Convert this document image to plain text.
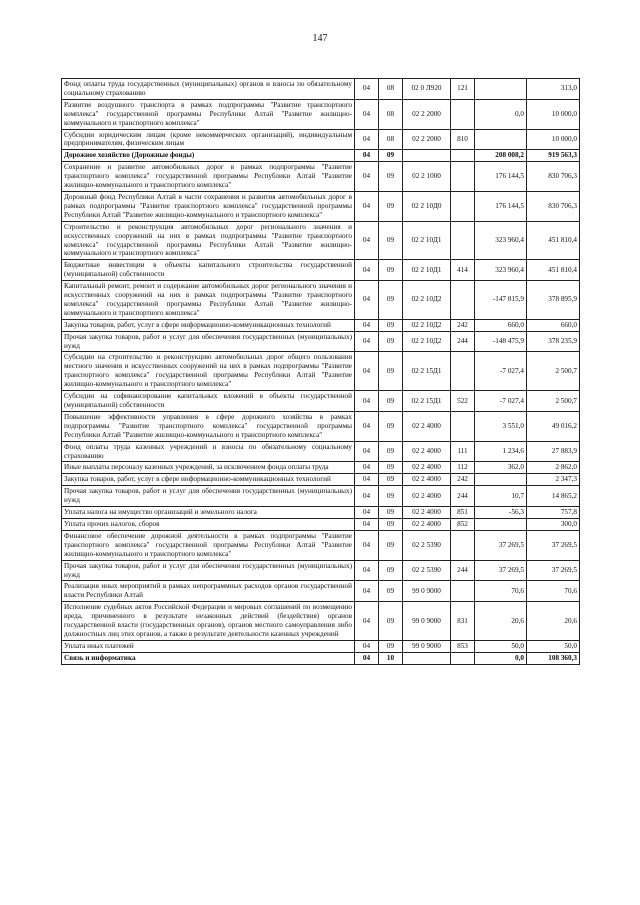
147
Фонд оплаты труда государственных (муниципальных) органов и взносы по обязательному социальному страхованию	04	08	02 0 Л920	121		313,0
Развитие воздушного транспорта в рамках подпрограммы "Развитие транспортного комплекса" государственной программы Республики Алтай "Развитие жилищно-коммунального и транспортного комплекса"	04	08	02 2 2000		0,0	10 000,0
Субсидии юридическим лицам (кроме некоммерческих организаций), индивидуальным предпринимателям, физическим лицам	04	08	02 2 2000	810		10 000,0
Дорожное хозяйство (Дорожные фонды)	04	09			208 008,2	919 563,3
Сохранение и развитие автомобильных дорог в рамках подпрограммы "Развитие транспортного комплекса" государственной программы Республики Алтай "Развитие жилищно-коммунального и транспортного комплекса"	04	09	02 2 1000		176 144,5	830 706,3
Дорожный фонд Республики Алтай в части сохранения и развития автомобильных дорог в рамках подпрограммы "Развитие транспортного комплекса" государственной программы Республики Алтай "Развитие жилищно-коммунального и транспортного комплекса"	04	09	02 2 10Д0		176 144,5	830 706,3
Строительство и реконструкция автомобильных дорог регионального значения и искусственных сооружений на них в рамках подпрограммы "Развитие транспортного комплекса" государственной программы Республики Алтай "Развитие жилищно-коммунального и транспортного комплекса"	04	09	02 2 10Д1		323 960,4	451 810,4
Бюджетные инвестиции в объекты капитального строительства государственной (муниципальной) собственности	04	09	02 2 10Д1	414	323 960,4	451 810,4
Капитальный ремонт, ремонт и содержание автомобильных дорог регионального значения и искусственных сооружений на них в рамках подпрограммы "Развитие транспортного комплекса" государственной программы Республики Алтай "Развитие жилищно-коммунального и транспортного комплекса"	04	09	02 2 10Д2		-147 815,9	378 895,9
Закупка товаров, работ, услуг в сфере информационно-коммуникационных технологий	04	09	02 2 10Д2	242	660,0	660,0
Прочая закупка товаров, работ и услуг для обеспечения государственных (муниципальных) нужд	04	09	02 2 10Д2	244	-148 475,9	378 235,9
Субсидии на строительство и реконструкцию автомобильных дорог общего пользования местного значения и искусственных сооружений на них в рамках подпрограммы "Развитие транспортного комплекса" государственной программы Республики Алтай "Развитие жилищно-коммунального и транспортного комплекса"	04	09	02 2 15Д1		-7 027,4	2 500,7
Субсидии на софинансирование капитальных вложений в объекты государственной (муниципальной) собственности	04	09	02 2 15Д1	522	-7 027,4	2 500,7
Повышение эффективности управления в сфере дорожного хозяйства в рамках подпрограммы "Развитие транспортного комплекса" государственной программы Республики Алтай "Развитие жилищно-коммунального и транспортного комплекса"	04	09	02 2 4000		3 551,0	49 016,2
Фонд оплаты труда казенных учреждений и взносы по обязательному социальному страхованию	04	09	02 2 4000	111	1 234,6	27 883,9
Иные выплаты персоналу казенных учреждений, за исключением фонда оплаты труда	04	09	02 2 4000	112	362,0	2 862,0
Закупка товаров, работ, услуг в сфере информационно-коммуникационных технологий	04	09	02 2 4000	242		2 347,3
Прочая закупка товаров, работ и услуг для обеспечения государственных (муниципальных) нужд	04	09	02 2 4000	244	10,7	14 865,2
Уплата налога на имущество организаций и земельного налога	04	09	02 2 4000	851	-56,3	757,8
Уплата прочих налогов, сборов	04	09	02 2 4000	852		300,0
Финансовое обеспечение дорожной деятельности в рамках подпрограммы "Развитие транспортного комплекса" государственной программы Республики Алтай "Развитие жилищно-коммунального и транспортного комплекса"	04	09	02 2 5390		37 269,5	37 269,5
Прочая закупка товаров, работ и услуг для обеспечения государственных (муниципальных) нужд	04	09	02 2 5390	244	37 269,5	37 269,5
Реализация иных мероприятий в рамках непрограммных расходов органов государственной власти Республики Алтай	04	09	99 0 9000		70,6	70,6
Исполнение судебных актов Российской Федерации и мировых соглашений по возмещению вреда, причиненного в результате незаконных действий (бездействия) органов государственной власти (государственных органов), органов местного самоуправления либо должностных лиц этих органов, а также в результате деятельности казенных учреждений	04	09	99 0 9000	831	20,6	20,6
Уплата иных платежей	04	09	99 0 9000	853	50,0	50,0
Связь и информатика	04	10			0,0	108 360,3
